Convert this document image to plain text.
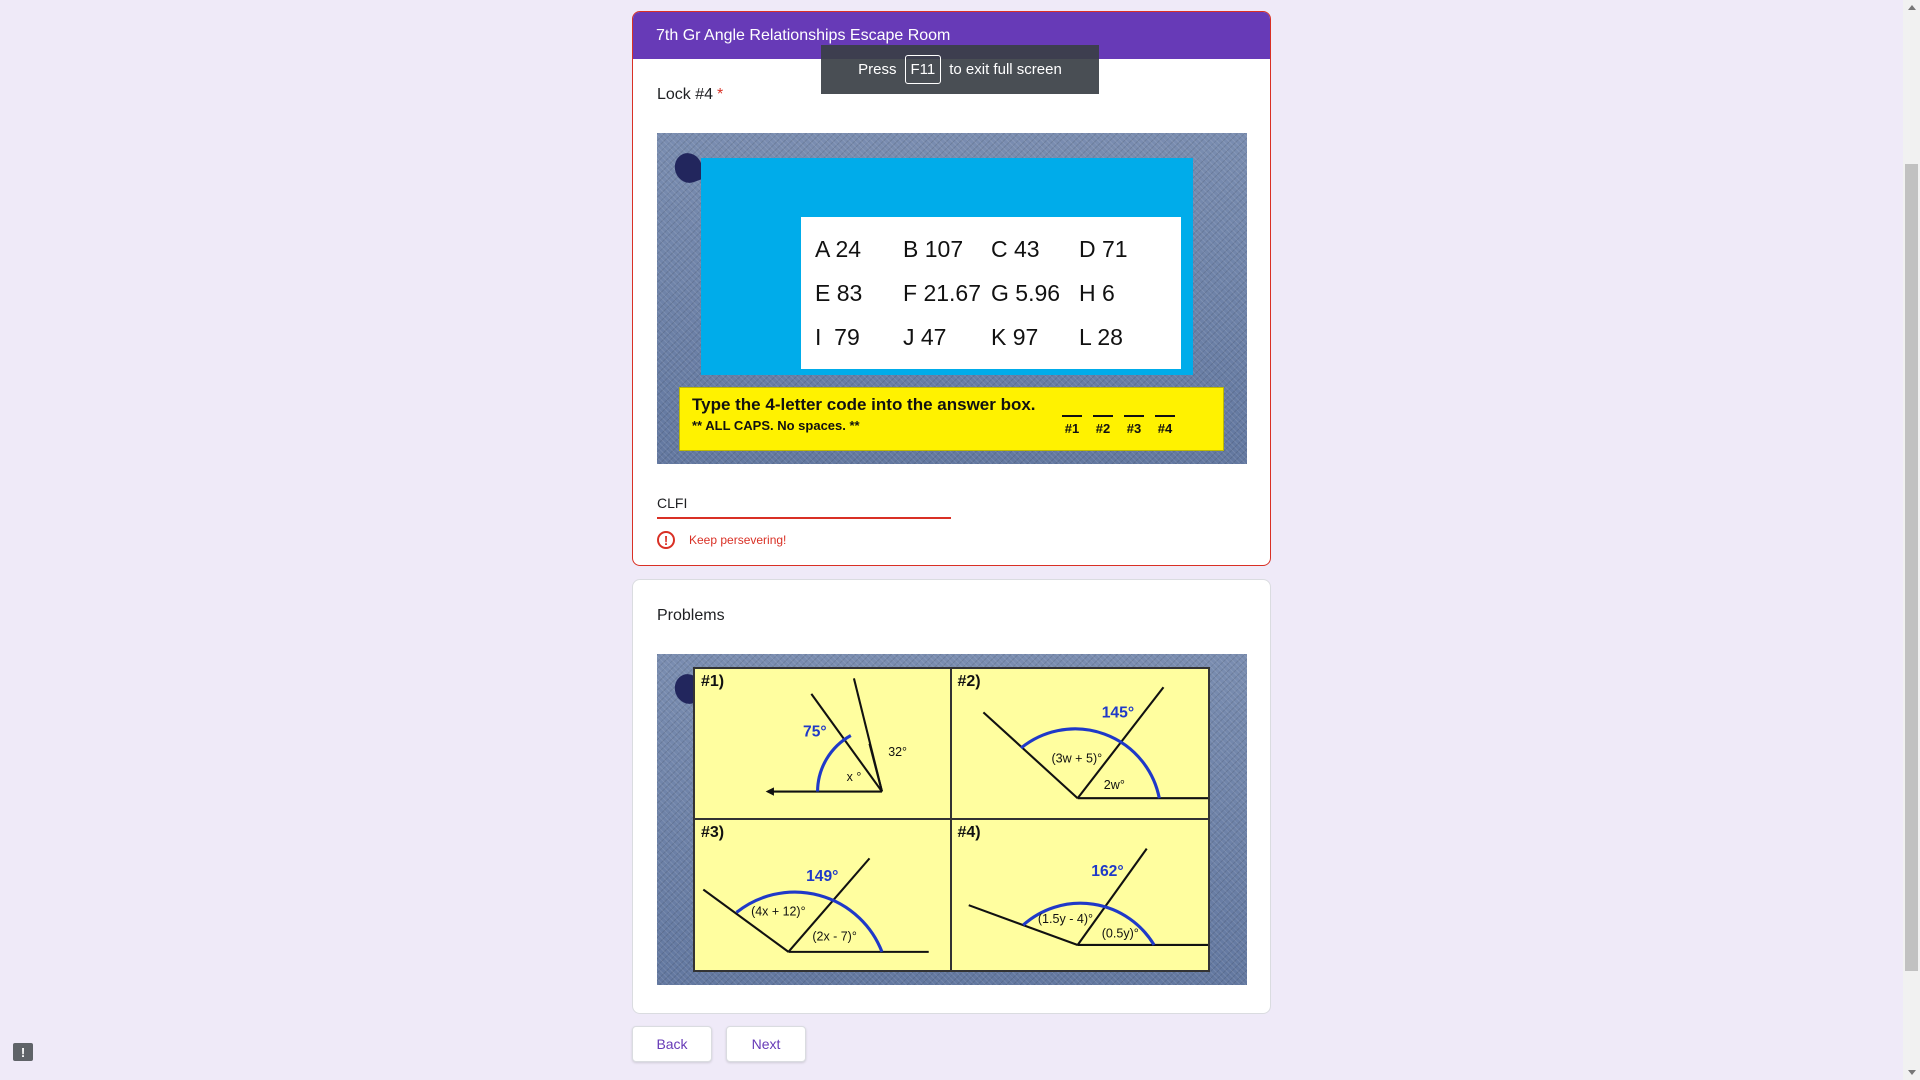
7th Gr Angle Relationships Escape Room
Lock #4 *
A 24	B 107	C 43	D 71
E 83	F 21.67 G 5.96 H 6
I  79	J 47	K 97	L 28
Type the 4-letter code into the answer box.
** ALL CAPS. No spaces. **	#1 #2 #3 #4
CLFI
!	Keep persevering!
Problems
#1)
75°
32°
x °
#2)
145°
(3w + 5)°
2w°
#3)
149°
(4x + 12)°
(2x - 7)°
#4)
162°
(1.5y - 4)°
(0.5y)°
Back	Next
Press F11 to exit full screen
!
